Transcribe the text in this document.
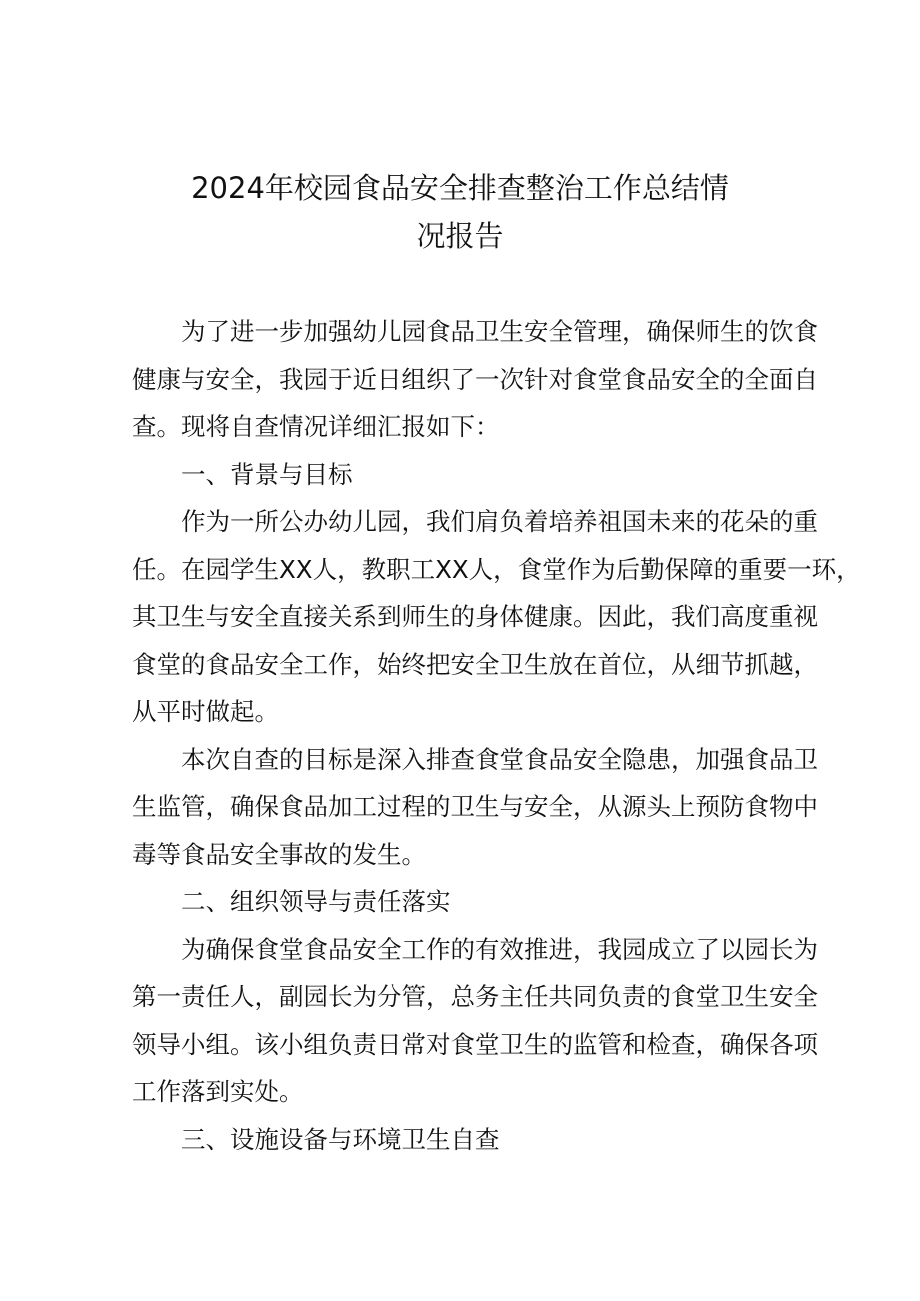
2024年校园食品安全排查整治工作总结情
况报告
为了进一步加强幼儿园食品卫生安全管理，确保师生的饮食
健康与安全，我园于近日组织了一次针对食堂食品安全的全面自
查。现将自查情况详细汇报如下：
一、背景与目标
作为一所公办幼儿园，我们肩负着培养祖国未来的花朵的重
任。在园学生XX人，教职工XX人，食堂作为后勤保障的重要一环，
其卫生与安全直接关系到师生的身体健康。因此，我们高度重视
食堂的食品安全工作，始终把安全卫生放在首位，从细节抓越，
从平时做起。
本次自查的目标是深入排查食堂食品安全隐患，加强食品卫
生监管，确保食品加工过程的卫生与安全，从源头上预防食物中
毒等食品安全事故的发生。
二、组织领导与责任落实
为确保食堂食品安全工作的有效推进，我园成立了以园长为
第一责任人，副园长为分管，总务主任共同负责的食堂卫生安全
领导小组。该小组负责日常对食堂卫生的监管和检查，确保各项
工作落到实处。
三、设施设备与环境卫生自查
